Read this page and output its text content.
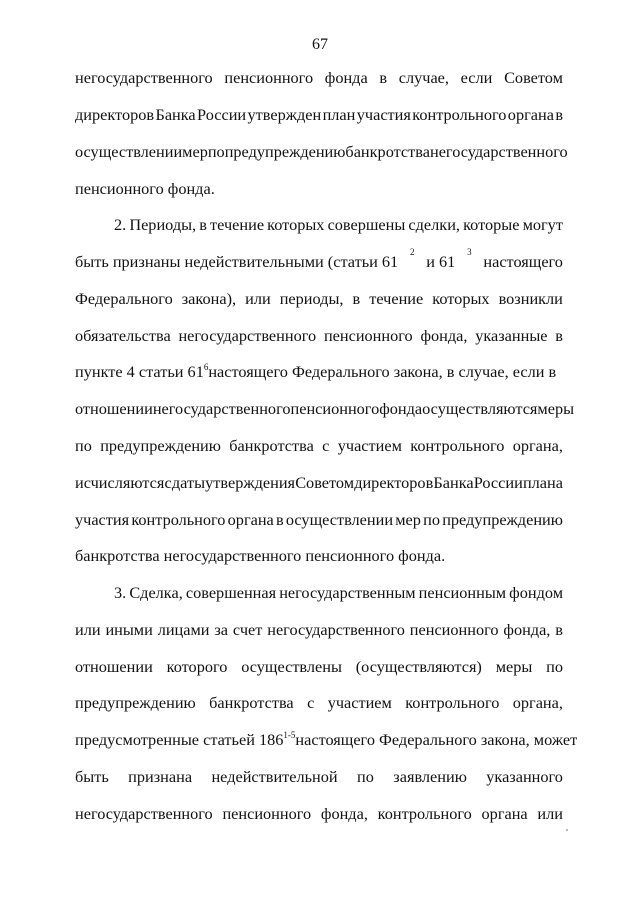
67
негосударственного пенсионного фонда в случае, если Советом
директоров Банка России утвержден план участия контрольного органа в
осуществлении мер по предупреждению банкротства негосударственного
пенсионного фонда.
2. Периоды, в течение которых совершены сделки, которые могут
быть признаны недействительными (статьи 61 2 и 61 3 настоящего
Федерального закона), или периоды, в течение которых возникли
обязательства негосударственного пенсионного фонда, указанные в
пункте 4 статьи $61^6настоящего$ Федерального закона, в случае, если в
отношении негосударственного пенсионного фонда осуществляются меры
по предупреждению банкротства с участием контрольного органа,
исчисляются с даты утверждения Советом директоров Банка России плана
участия контрольного органа в осуществлении мер по предупреждению
банкротства негосударственного пенсионного фонда.
3. Сделка, совершенная негосударственным пенсионным фондом
или иными лицами за счет негосударственного пенсионного фонда, в
отношении которого осуществлены (осуществляются) меры по
предупреждению банкротства с участием контрольного органа,
предусмотренные статьей 186$^{1-5}$настоящего Федерального закона, может
быть признана недействительной по заявлению указанного
негосударственного пенсионного фонда, контрольного органа или
